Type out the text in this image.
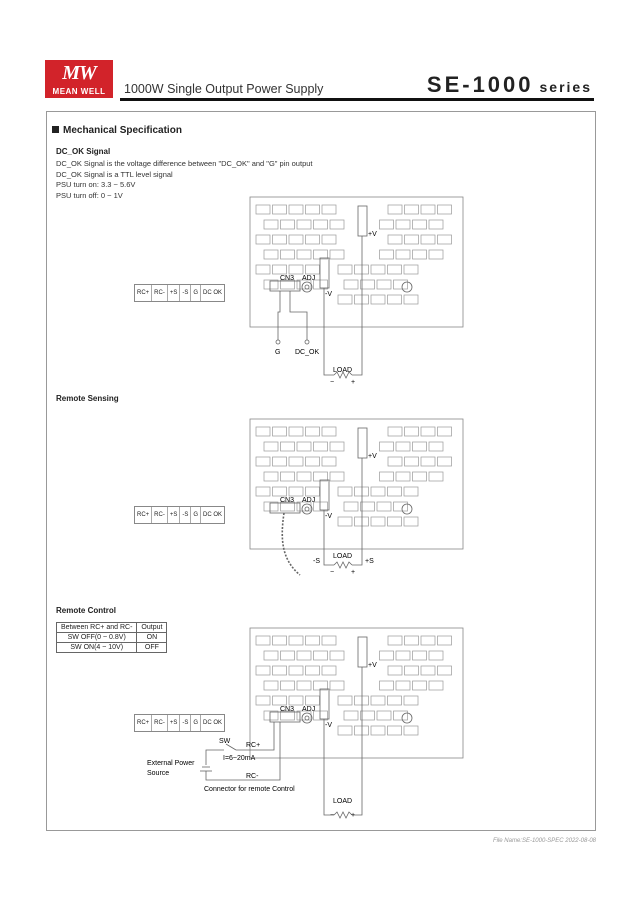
MW
MEAN WELL	1000W Single Output Power Supply	SE-1000 series
Mechanical Specification
DC_OK Signal
DC_OK Signal is the voltage difference between "DC_OK" and "G" pin output
DC_OK Signal is a TTL level signal
PSU turn on: 3.3 ~ 5.6V
PSU turn off: 0 ~ 1V
Remote Sensing
Remote Control
Between RC+ and RC-	Output
SW OFF(0 ~ 0.8V)	ON
SW ON(4 ~ 10V)	OFF
RC+ RC- +S -S G DC OK
RC+ RC- +S -S G DC OK
RC+ RC- +S -S G DC OK
CN3 ADJ
+V
-V
G DC_OK
LOAD
− +
CN3 ADJ
+V
-V
-S	+S
LOAD
− +
CN3 ADJ
+V
-V
SW
RC+
I=6~20mA
External Power
Source	RC-
Connector for remote Control
LOAD
− +
File Name:SE-1000-SPEC 2022-08-08
